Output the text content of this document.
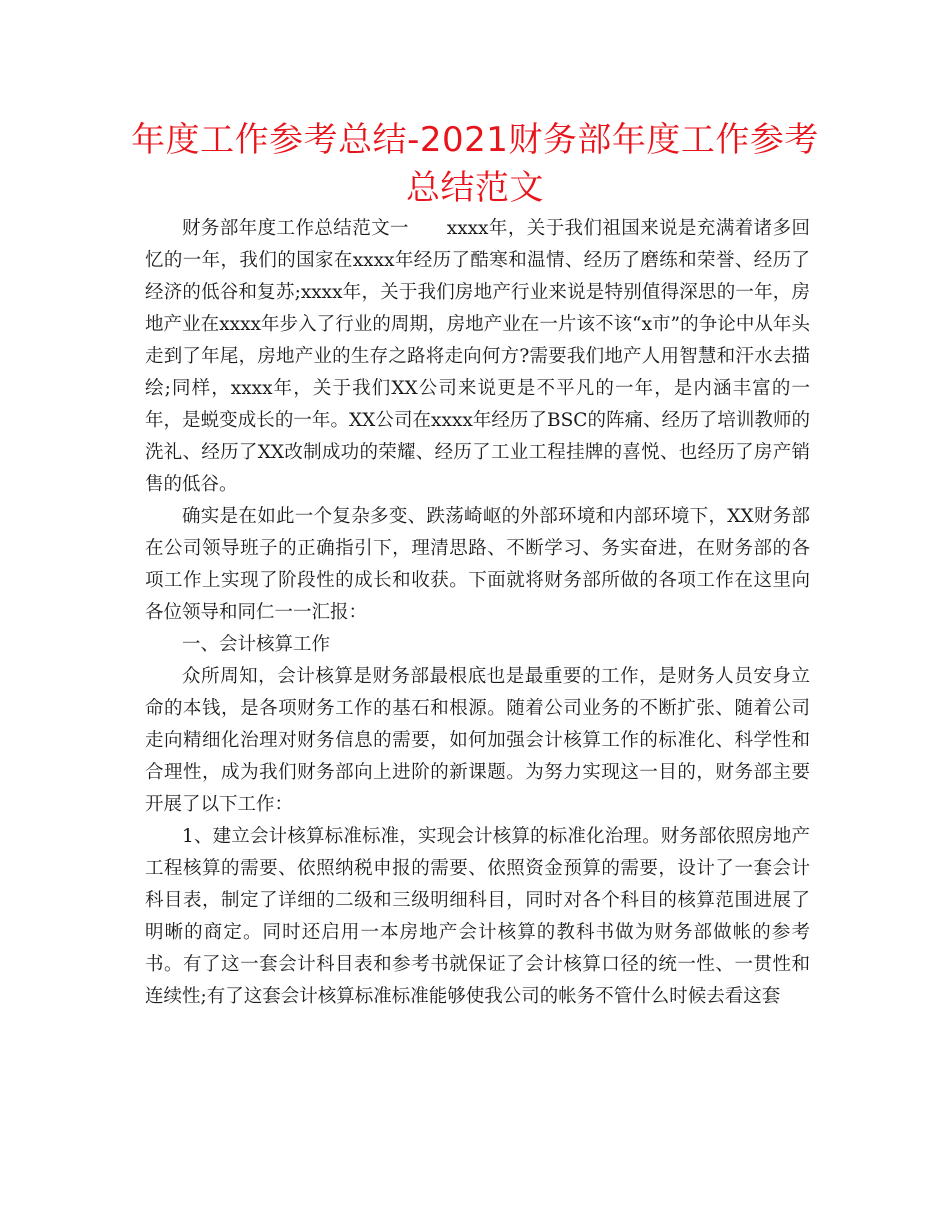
年度工作参考总结-2021财务部年度工作参考总结范文

财务部年度工作总结范文一　　xxxx年，关于我们祖国来说是充满着诸多回忆的一年，我们的国家在xxxx年经历了酷寒和温情、经历了磨练和荣誉、经历了经济的低谷和复苏;xxxx年，关于我们房地产行业来说是特别值得深思的一年，房地产业在xxxx年步入了行业的周期，房地产业在一片该不该“x市”的争论中从年头走到了年尾，房地产业的生存之路将走向何方?需要我们地产人用智慧和汗水去描绘;同样，xxxx年，关于我们XX公司来说更是不平凡的一年，是内涵丰富的一年，是蜕变成长的一年。XX公司在xxxx年经历了BSC的阵痛、经历了培训教师的洗礼、经历了XX改制成功的荣耀、经历了工业工程挂牌的喜悦、也经历了房产销售的低谷。

确实是在如此一个复杂多变、跌荡崎岖的外部环境和内部环境下，XX财务部在公司领导班子的正确指引下，理清思路、不断学习、务实奋进，在财务部的各项工作上实现了阶段性的成长和收获。下面就将财务部所做的各项工作在这里向各位领导和同仁一一汇报：

一、会计核算工作

众所周知，会计核算是财务部最根底也是最重要的工作，是财务人员安身立命的本钱，是各项财务工作的基石和根源。随着公司业务的不断扩张、随着公司走向精细化治理对财务信息的需要，如何加强会计核算工作的标准化、科学性和合理性，成为我们财务部向上进阶的新课题。为努力实现这一目的，财务部主要开展了以下工作：

1、建立会计核算标准标准，实现会计核算的标准化治理。财务部依照房地产工程核算的需要、依照纳税申报的需要、依照资金预算的需要，设计了一套会计科目表，制定了详细的二级和三级明细科目，同时对各个科目的核算范围进展了明晰的商定。同时还启用一本房地产会计核算的教科书做为财务部做帐的参考书。有了这一套会计科目表和参考书就保证了会计核算口径的统一性、一贯性和连续性;有了这套会计核算标准标准能够使我公司的帐务不管什么时候去看这套
